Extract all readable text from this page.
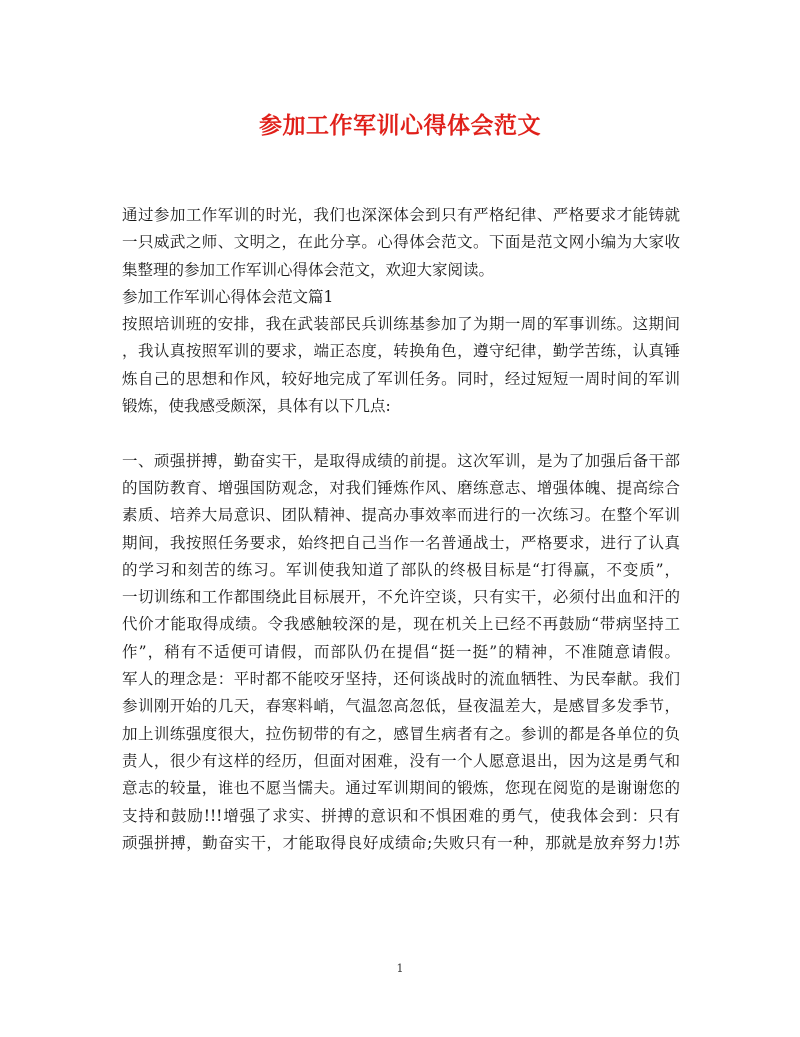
参加工作军训心得体会范文
通过参加工作军训的时光，我们也深深体会到只有严格纪律、严格要求才能铸就
一只威武之师、文明之，在此分享。心得体会范文。下面是范文网小编为大家收
集整理的参加工作军训心得体会范文，欢迎大家阅读。
参加工作军训心得体会范文篇1
按照培训班的安排，我在武装部民兵训练基参加了为期一周的军事训练。这期间
，我认真按照军训的要求，端正态度，转换角色，遵守纪律，勤学苦练，认真锤
炼自己的思想和作风，较好地完成了军训任务。同时，经过短短一周时间的军训
锻炼，使我感受颇深，具体有以下几点:
一、顽强拼搏，勤奋实干，是取得成绩的前提。这次军训，是为了加强后备干部
的国防教育、增强国防观念，对我们锤炼作风、磨练意志、增强体魄、提高综合
素质、培养大局意识、团队精神、提高办事效率而进行的一次练习。在整个军训
期间，我按照任务要求，始终把自己当作一名普通战士，严格要求，进行了认真
的学习和刻苦的练习。军训使我知道了部队的终极目标是“打得赢，不变质”，
一切训练和工作都围绕此目标展开，不允许空谈，只有实干，必须付出血和汗的
代价才能取得成绩。令我感触较深的是，现在机关上已经不再鼓励“带病坚持工
作”，稍有不适便可请假，而部队仍在提倡“挺一挺”的精神，不准随意请假。
军人的理念是：平时都不能咬牙坚持，还何谈战时的流血牺牲、为民奉献。我们
参训刚开始的几天，春寒料峭，气温忽高忽低，昼夜温差大，是感冒多发季节，
加上训练强度很大，拉伤韧带的有之，感冒生病者有之。参训的都是各单位的负
责人，很少有这样的经历，但面对困难，没有一个人愿意退出，因为这是勇气和
意志的较量，谁也不愿当懦夫。通过军训期间的锻炼，您现在阅览的是谢谢您的
支持和鼓励!!!增强了求实、拼搏的意识和不惧困难的勇气，使我体会到：只有
顽强拼搏，勤奋实干，才能取得良好成绩命;失败只有一种，那就是放弃努力!苏
1
